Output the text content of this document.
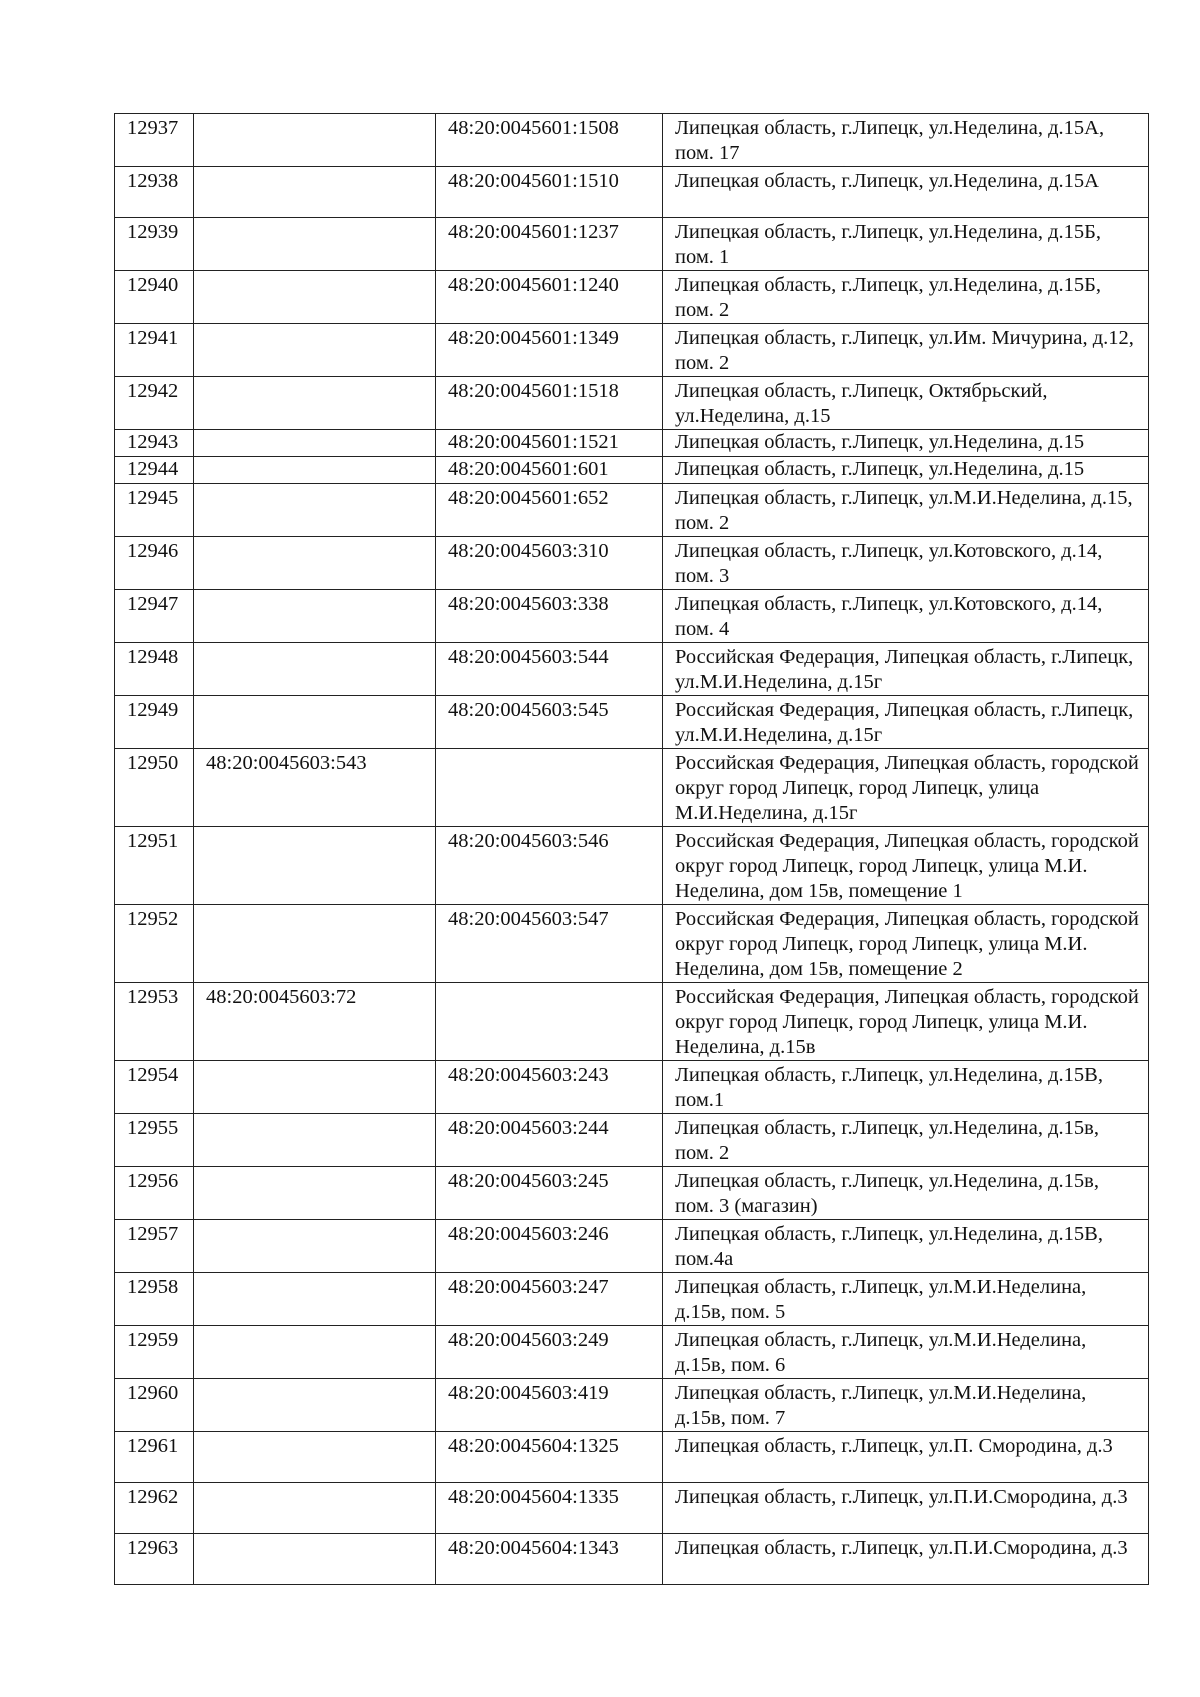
12937		48:20:0045601:1508	Липецкая область, г.Липецк, ул.Неделина, д.15А, пом. 17
12938		48:20:0045601:1510	Липецкая область, г.Липецк, ул.Неделина, д.15А
12939		48:20:0045601:1237	Липецкая область, г.Липецк, ул.Неделина, д.15Б, пом. 1
12940		48:20:0045601:1240	Липецкая область, г.Липецк, ул.Неделина, д.15Б, пом. 2
12941		48:20:0045601:1349	Липецкая область, г.Липецк, ул.Им. Мичурина, д.12, пом. 2
12942		48:20:0045601:1518	Липецкая область, г.Липецк, Октябрьский, ул.Неделина, д.15
12943		48:20:0045601:1521	Липецкая область, г.Липецк, ул.Неделина, д.15
12944		48:20:0045601:601	Липецкая область, г.Липецк, ул.Неделина, д.15
12945		48:20:0045601:652	Липецкая область, г.Липецк, ул.М.И.Неделина, д.15, пом. 2
12946		48:20:0045603:310	Липецкая область, г.Липецк, ул.Котовского, д.14, пом. 3
12947		48:20:0045603:338	Липецкая область, г.Липецк, ул.Котовского, д.14, пом. 4
12948		48:20:0045603:544	Российская Федерация, Липецкая область, г.Липецк, ул.М.И.Неделина, д.15г
12949		48:20:0045603:545	Российская Федерация, Липецкая область, г.Липецк, ул.М.И.Неделина, д.15г
12950	48:20:0045603:543		Российская Федерация, Липецкая область, городской округ город Липецк, город Липецк, улица М.И.Неделина, д.15г
12951		48:20:0045603:546	Российская Федерация, Липецкая область, городской округ город Липецк, город Липецк, улица М.И. Неделина, дом 15в, помещение 1
12952		48:20:0045603:547	Российская Федерация, Липецкая область, городской округ город Липецк, город Липецк, улица М.И. Неделина, дом 15в, помещение 2
12953	48:20:0045603:72		Российская Федерация, Липецкая область, городской округ город Липецк, город Липецк, улица М.И. Неделина, д.15в
12954		48:20:0045603:243	Липецкая область, г.Липецк, ул.Неделина, д.15В, пом.1
12955		48:20:0045603:244	Липецкая область, г.Липецк, ул.Неделина, д.15в, пом. 2
12956		48:20:0045603:245	Липецкая область, г.Липецк, ул.Неделина, д.15в, пом. 3 (магазин)
12957		48:20:0045603:246	Липецкая область, г.Липецк, ул.Неделина, д.15В, пом.4а
12958		48:20:0045603:247	Липецкая область, г.Липецк, ул.М.И.Неделина, д.15в, пом. 5
12959		48:20:0045603:249	Липецкая область, г.Липецк, ул.М.И.Неделина, д.15в, пом. 6
12960		48:20:0045603:419	Липецкая область, г.Липецк, ул.М.И.Неделина, д.15в, пом. 7
12961		48:20:0045604:1325	Липецкая область, г.Липецк, ул.П. Смородина, д.3
12962		48:20:0045604:1335	Липецкая область, г.Липецк, ул.П.И.Смородина, д.3
12963		48:20:0045604:1343	Липецкая область, г.Липецк, ул.П.И.Смородина, д.3
